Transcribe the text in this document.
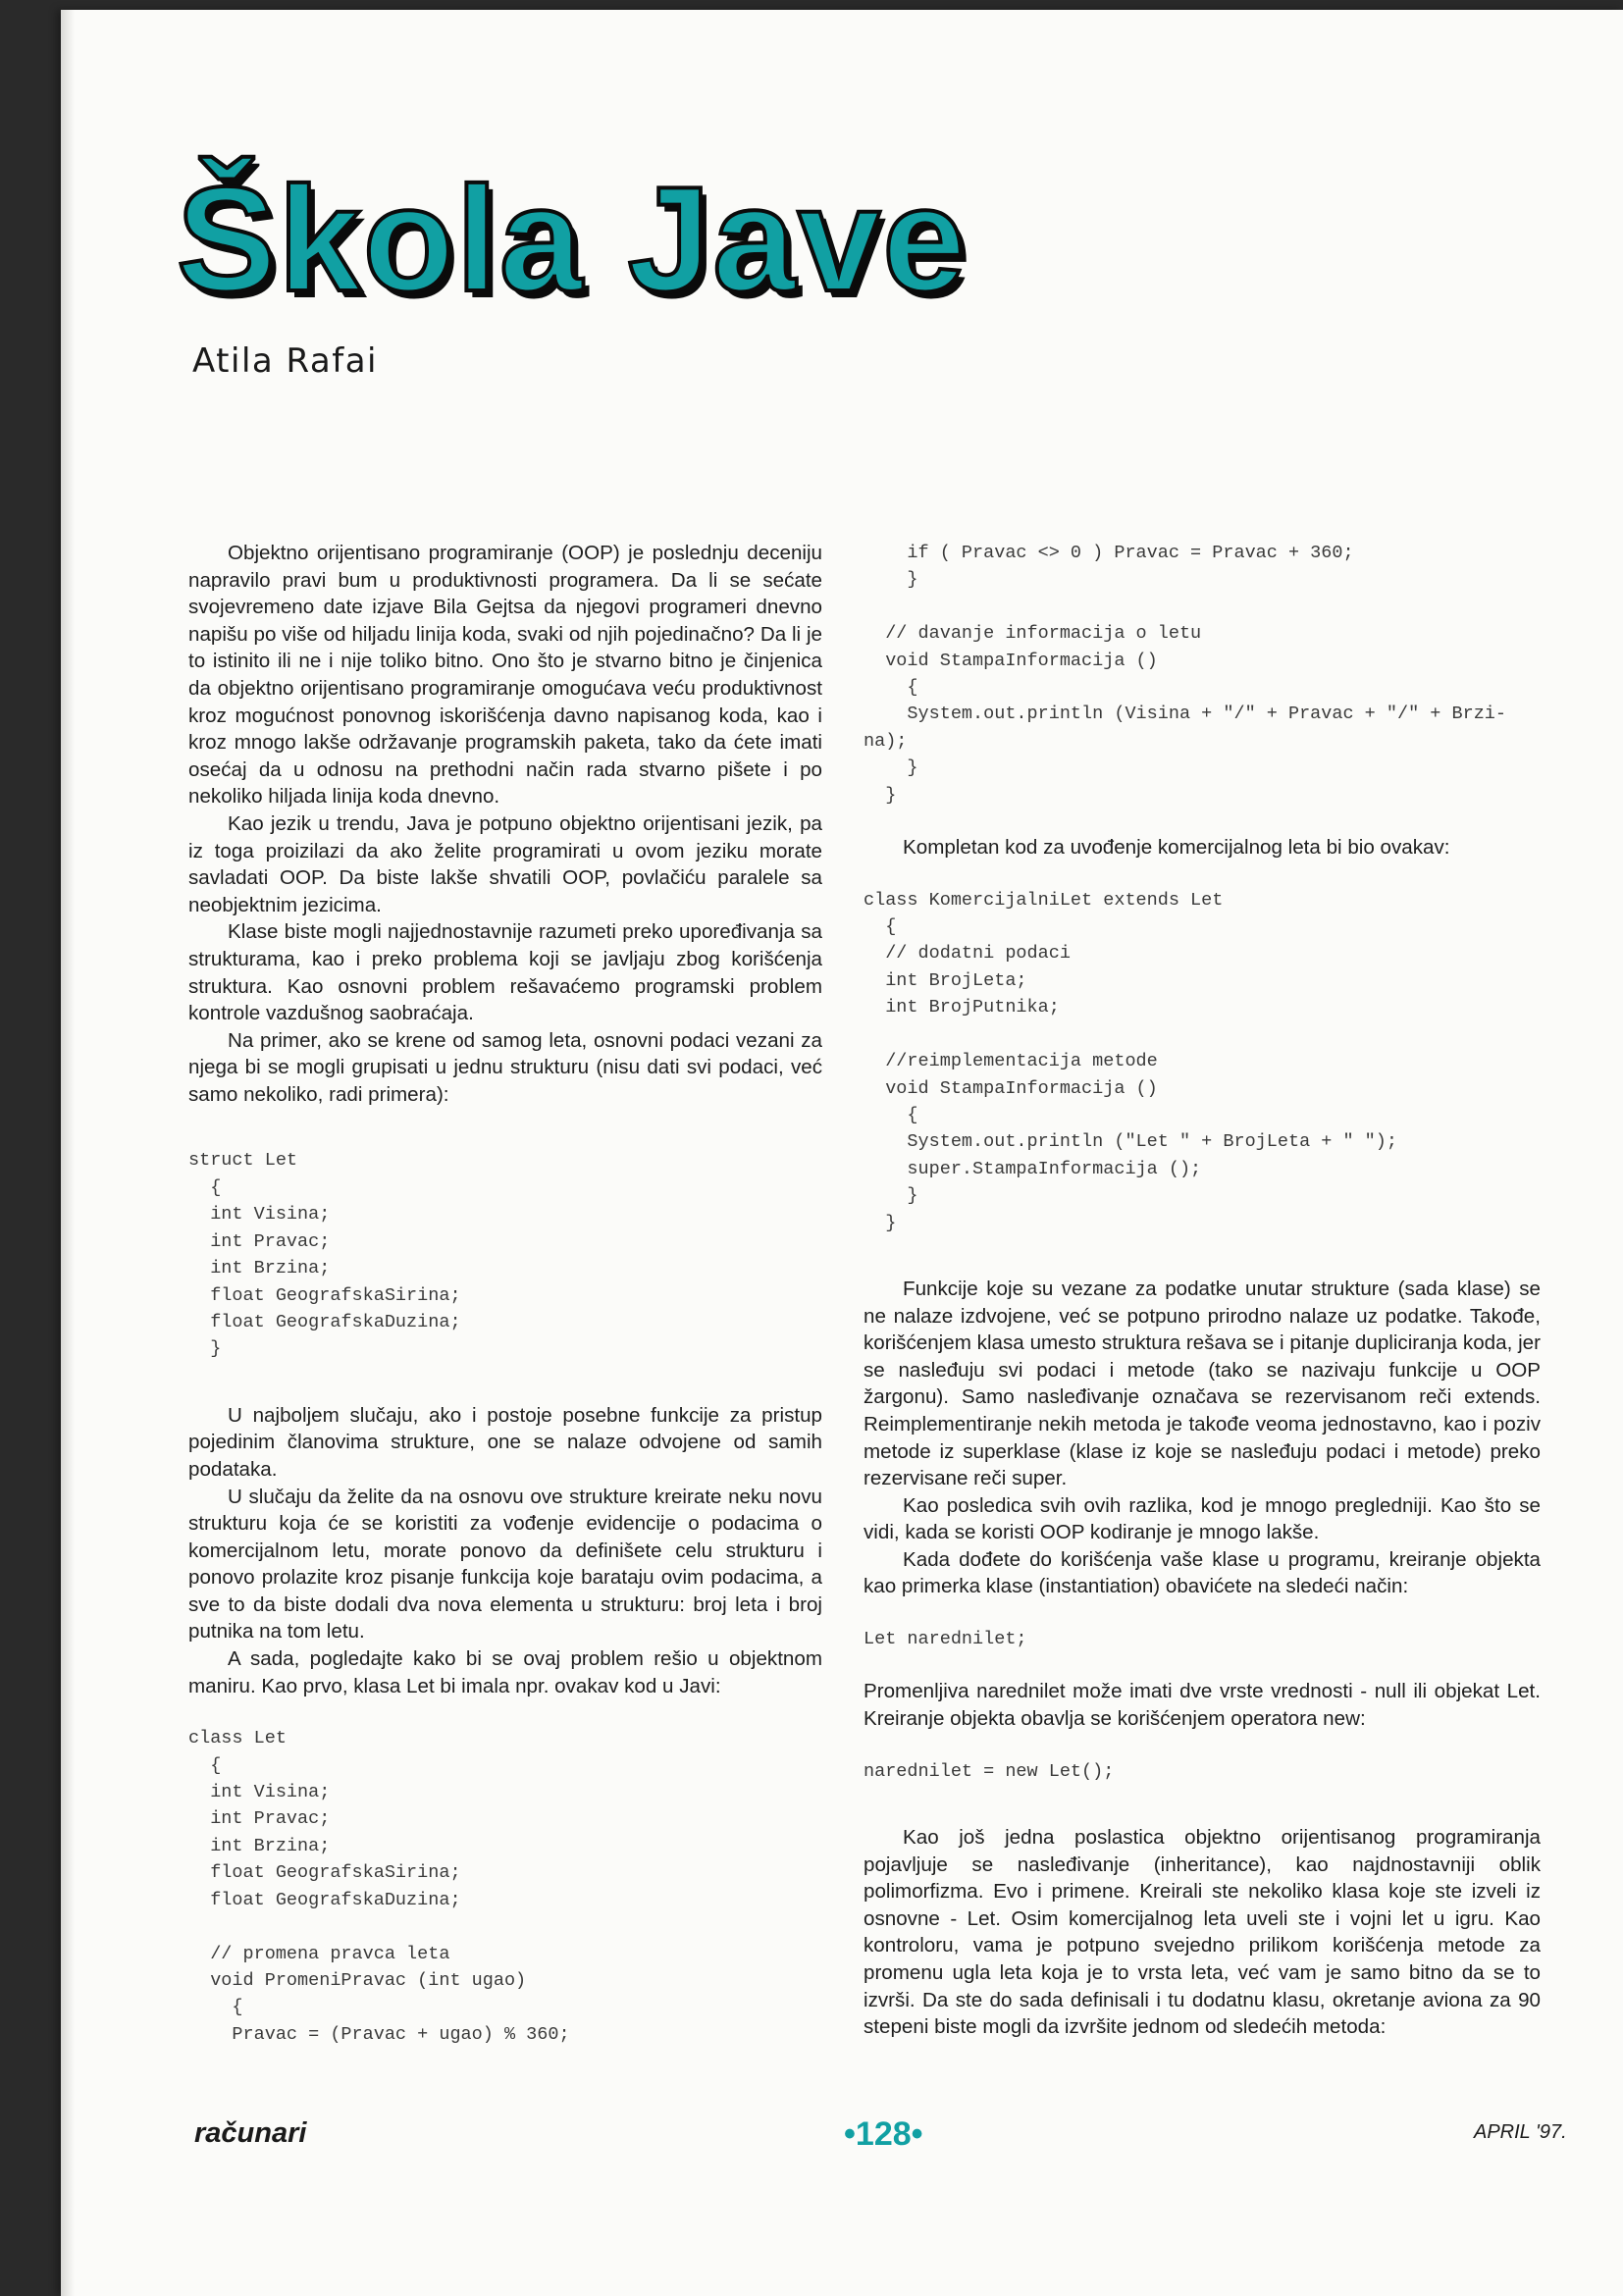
Škola Jave
Atila Rafai

Objektno orijentisano programiranje (OOP) je poslednju deceniju napravilo pravi bum u produktivnosti programera. Da li se sećate svojevremeno date izjave Bila Gejtsa da njegovi programeri dnevno napišu po više od hiljadu linija koda, svaki od njih pojedinačno? Da li je to istinito ili ne i nije toliko bitno. Ono što je stvarno bitno je činjenica da objektno orijentisano programiranje omogućava veću produktivnost kroz mogućnost ponovnog iskorišćenja davno napisanog koda, kao i kroz mnogo lakše održavanje programskih paketa, tako da ćete imati osećaj da u odnosu na prethodni način rada stvarno pišete i po nekoliko hiljada linija koda dnevno.

Kao jezik u trendu, Java je potpuno objektno orijentisani jezik, pa iz toga proizilazi da ako želite programirati u ovom jeziku morate savladati OOP. Da biste lakše shvatili OOP, povlačiću paralele sa neobjektnim jezicima.

Klase biste mogli najjednostavnije razumeti preko upoređivanja sa strukturama, kao i preko problema koji se javljaju zbog korišćenja struktura. Kao osnovni problem rešavaćemo programski problem kontrole vazdušnog saobraćaja.

Na primer, ako se krene od samog leta, osnovni podaci vezani za njega bi se mogli grupisati u jednu strukturu (nisu dati svi podaci, već samo nekoliko, radi primera):

struct Let
{
int Visina;
int Pravac;
int Brzina;
float GeografskaSirina;
float GeografskaDuzina;
}

U najboljem slučaju, ako i postoje posebne funkcije za pristup pojedinim članovima strukture, one se nalaze odvojene od samih podataka.

U slučaju da želite da na osnovu ove strukture kreirate neku novu strukturu koja će se koristiti za vođenje evidencije o podacima o komercijalnom letu, morate ponovo da definišete celu strukturu i ponovo prolazite kroz pisanje funkcija koje barataju ovim podacima, a sve to da biste dodali dva nova elementa u strukturu: broj leta i broj putnika na tom letu.

A sada, pogledajte kako bi se ovaj problem rešio u objektnom maniru. Kao prvo, klasa Let bi imala npr. ovakav kod u Javi:

class Let
{
int Visina;
int Pravac;
int Brzina;
float GeografskaSirina;
float GeografskaDuzina;

// promena pravca leta
void PromeniPravac (int ugao)
{
Pravac = (Pravac + ugao) % 360;
if ( Pravac <> 0 ) Pravac = Pravac + 360;
}

// davanje informacija o letu
void StampaInformacija ()
{
System.out.println (Visina + "/" + Pravac + "/" + Brzi-
na);
}
}

Kompletan kod za uvođenje komercijalnog leta bi bio ovakav:

class KomercijalniLet extends Let
{
// dodatni podaci
int BrojLeta;
int BrojPutnika;

//reimplementacija metode
void StampaInformacija ()
{
System.out.println ("Let " + BrojLeta + " ");
super.StampaInformacija ();
}
}

Funkcije koje su vezane za podatke unutar strukture (sada klase) se ne nalaze izdvojene, već se potpuno prirodno nalaze uz podatke. Takođe, korišćenjem klasa umesto struktura rešava se i pitanje dupliciranja koda, jer se nasleđuju svi podaci i metode (tako se nazivaju funkcije u OOP žargonu). Samo nasleđivanje označava se rezervisanom reči extends. Reimplementiranje nekih metoda je takođe veoma jednostavno, kao i poziv metode iz superklase (klase iz koje se nasleđuju podaci i metode) preko rezervisane reči super.

Kao posledica svih ovih razlika, kod je mnogo pregledniji. Kao što se vidi, kada se koristi OOP kodiranje je mnogo lakše.

Kada dođete do korišćenja vaše klase u programu, kreiranje objekta kao primerka klase (instantiation) obavićete na sledeći način:

Let narednilet;

Promenljiva narednilet može imati dve vrste vrednosti - null ili objekat Let. Kreiranje objekta obavlja se korišćenjem operatora new:

narednilet = new Let();

Kao još jedna poslastica objektno orijentisanog programiranja pojavljuje se nasleđivanje (inheritance), kao najdnostavniji oblik polimorfizma. Evo i primene. Kreirali ste nekoliko klasa koje ste izveli iz osnovne - Let. Osim komercijalnog leta uveli ste i vojni let u igru. Kao kontroloru, vama je potpuno svejedno prilikom korišćenja metode za promenu ugla leta koja je to vrsta leta, već vam je samo bitno da se to izvrši. Da ste do sada definisali i tu dodatnu klasu, okretanje aviona za 90 stepeni biste mogli da izvršite jednom od sledećih metoda:

računari	•128•	APRIL '97.
